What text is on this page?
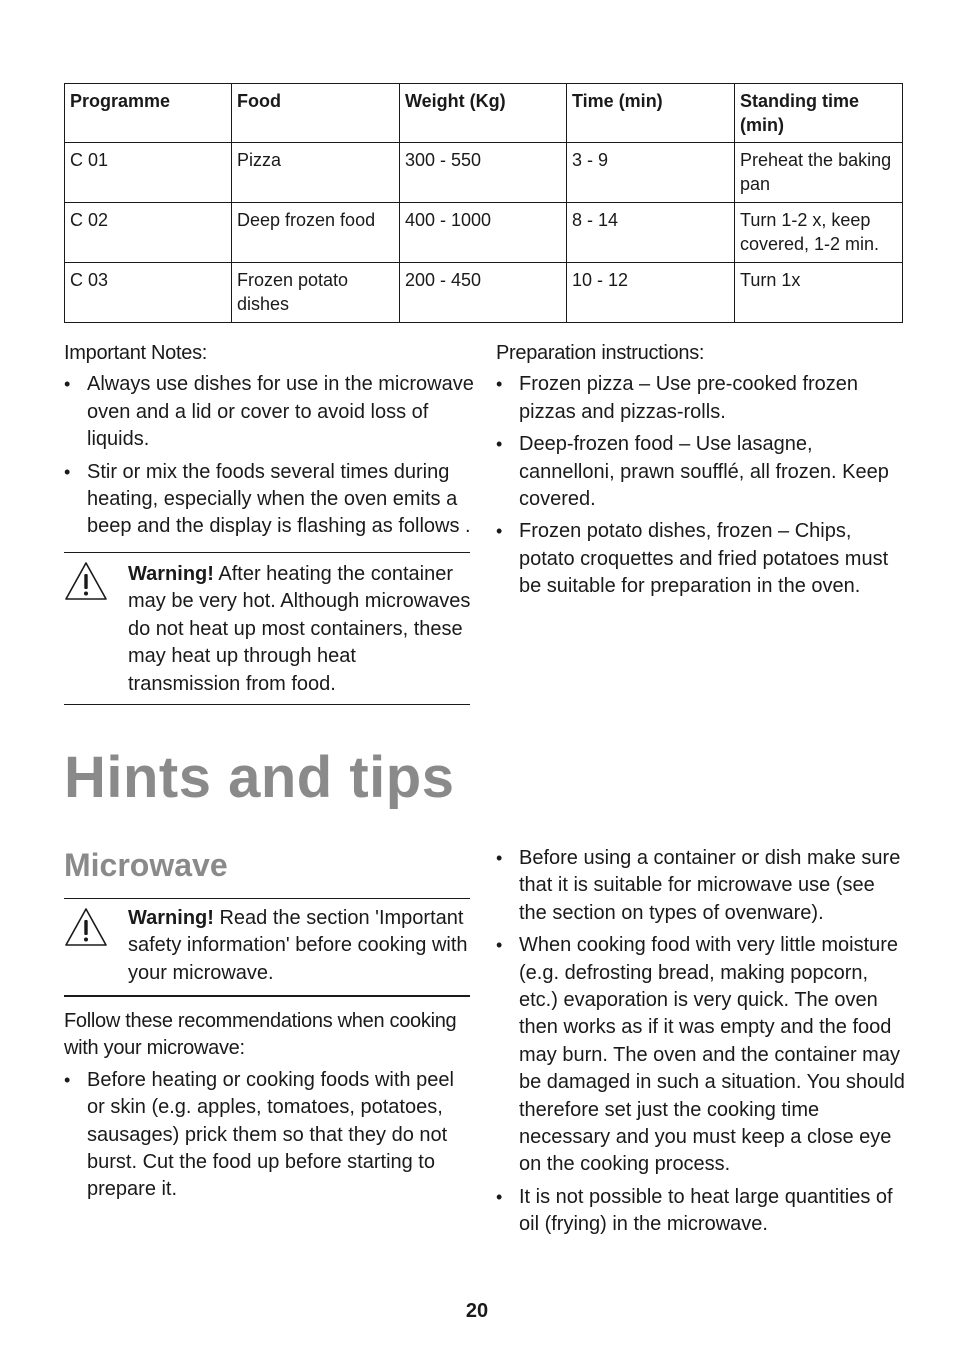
Programme	Food	Weight (Kg)	Time (min)	Standing time (min)
C 01	Pizza	300 - 550	3 - 9	Preheat the baking pan
C 02	Deep frozen food	400 - 1000	8 - 14	Turn 1-2 x, keep covered, 1-2 min.
C 03	Frozen potato dishes	200 - 450	10 - 12	Turn 1x
Important Notes:
• Always use dishes for use in the microwave oven and a lid or cover to avoid loss of liquids.
• Stir or mix the foods several times during heating, especially when the oven emits a beep and the display is flashing as follows .
Warning! After heating the container may be very hot. Although microwaves do not heat up most containers, these may heat up through heat transmission from food.
Preparation instructions:
• Frozen pizza – Use pre-cooked frozen pizzas and pizzas-rolls.
• Deep-frozen food – Use lasagne, cannelloni, prawn soufflé, all frozen. Keep covered.
• Frozen potato dishes, frozen – Chips, potato croquettes and fried potatoes must be suitable for preparation in the oven.
Hints and tips
Microwave
Warning! Read the section 'Important safety information' before cooking with your microwave.
Follow these recommendations when cooking with your microwave:
• Before heating or cooking foods with peel or skin (e.g. apples, tomatoes, potatoes, sausages) prick them so that they do not burst. Cut the food up before starting to prepare it.
• Before using a container or dish make sure that it is suitable for microwave use (see the section on types of ovenware).
• When cooking food with very little moisture (e.g. defrosting bread, making popcorn, etc.) evaporation is very quick. The oven then works as if it was empty and the food may burn. The oven and the container may be damaged in such a situation. You should therefore set just the cooking time necessary and you must keep a close eye on the cooking process.
• It is not possible to heat large quantities of oil (frying) in the microwave.
20
